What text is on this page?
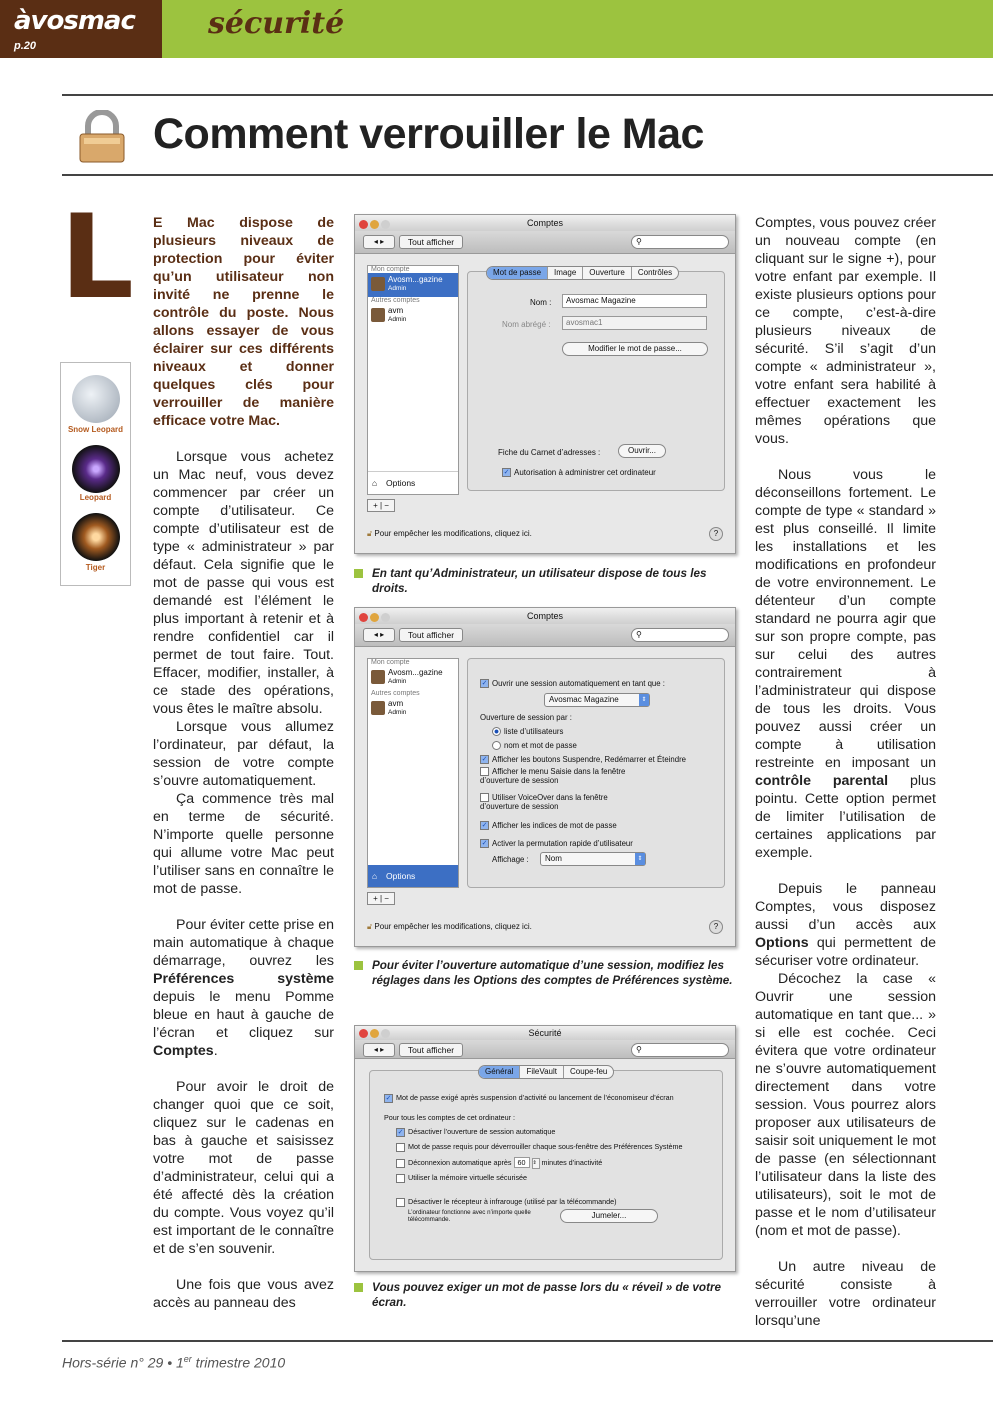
àvosmac
p.20
sécurité
Comment verrouiller le Mac
L
Snow Leopard
Leopard
Tiger

E Mac dispose de plusieurs niveaux de protection pour éviter qu’un utilisateur non invité ne prenne le contrôle du poste. Nous allons essayer de vous éclairer sur ces différents niveaux et donner quelques clés pour verrouiller de manière efficace votre Mac.

Lorsque vous achetez un Mac neuf, vous devez commencer par créer un compte d’utilisateur. Ce compte d’utilisateur est de type « administrateur » par défaut. Cela signifie que le mot de passe qui vous est demandé est l’élément le plus important à retenir et à rendre confidentiel car il permet de tout faire. Tout. Effacer, modifier, installer, à ce stade des opérations, vous êtes le maître absolu.

Lorsque vous allumez l’ordinateur, par défaut, la session de votre compte s’ouvre automatiquement.

Ça commence très mal en terme de sécurité. N’importe quelle personne qui allume votre Mac peut l’utiliser sans en connaître le mot de passe.

Pour éviter cette prise en main automatique à chaque démarrage, ouvrez les Préférences système depuis le menu Pomme bleue en haut à gauche de l’écran et cliquez sur Comptes.

Pour avoir le droit de changer quoi que ce soit, cliquez sur le cadenas en bas à gauche et saisissez votre mot de passe d’administrateur, celui qui a été affecté dès la création du compte. Vous voyez qu’il est important de le connaître et de s’en souvenir.

Une fois que vous avez accès au panneau des

Comptes
◂ ▸	Tout afficher	⚲
Mon compte
Avosm...gazine
Admin
Autres comptes
avm
Admin
⌂ Options
+ | −
Mot de passe	Image	Ouverture	Contrôles
Nom :	Avosmac Magazine
Nom abrégé :	avosmac1
Modifier le mot de passe...
Fiche du Carnet d’adresses :	Ouvrir...
✓ Autorisation à administrer cet ordinateur
🔓︎ Pour empêcher les modifications, cliquez ici.	?
En tant qu’Administrateur, un utilisateur dispose de tous les droits.
Comptes
◂ ▸	Tout afficher	⚲
Mon compte
Avosm...gazine
Admin
Autres comptes
avm
Admin
⌂ Options
+ | −
✓ Ouvrir une session automatiquement en tant que :
Avosmac Magazine	⇕
Ouverture de session par :
liste d’utilisateurs
nom et mot de passe
✓ Afficher les boutons Suspendre, Redémarrer et Éteindre
Afficher le menu Saisie dans la fenêtre d’ouverture de session
Utiliser VoiceOver dans la fenêtre d’ouverture de session
✓ Afficher les indices de mot de passe
✓ Activer la permutation rapide d’utilisateur
Affichage :	Nom	⇕
🔓︎ Pour empêcher les modifications, cliquez ici.	?
Pour éviter l’ouverture automatique d’une session, modifiez les réglages dans les Options des comptes de Préférences système.
Sécurité
◂ ▸	Tout afficher	⚲
Général	FileVault	Coupe-feu
✓ Mot de passe exigé après suspension d’activité ou lancement de l’économiseur d’écran
Pour tous les comptes de cet ordinateur :
✓ Désactiver l’ouverture de session automatique
Mot de passe requis pour déverrouiller chaque sous-fenêtre des Préférences Système
Déconnexion automatique après 60 ⇕ minutes d’inactivité
Utiliser la mémoire virtuelle sécurisée
Désactiver le récepteur à infrarouge (utilisé par la télécommande)
L’ordinateur fonctionne avec n’importe quelle télécommande.	Jumeler...
Vous pouvez exiger un mot de passe lors du « réveil » de votre écran.

Comptes, vous pouvez créer un nouveau compte (en cliquant sur le signe +), pour votre enfant par exemple. Il existe plusieurs options pour ce compte, c’est-à-dire plusieurs niveaux de sécurité. S’il s’agit d’un compte « administrateur », votre enfant sera habilité à effectuer exactement les mêmes opérations que vous.

Nous vous le déconseillons fortement. Le compte de type « standard » est plus conseillé. Il limite les installations et les modifications en profondeur de votre environnement. Le détenteur d’un compte standard ne pourra agir que sur son propre compte, pas sur celui des autres contrairement à l’administrateur qui dispose de tous les droits. Vous pouvez aussi créer un compte à utilisation restreinte en imposant un contrôle parental plus pointu. Cette option permet de limiter l’utilisation de certaines applications par exemple.

Depuis le panneau Comptes, vous disposez aussi d’un accès aux Options qui permettent de sécuriser votre ordinateur.

Décochez la case « Ouvrir une session automatique en tant que... » si elle est cochée. Ceci évitera que votre ordinateur ne s’ouvre automatiquement directement dans votre session. Vous pourrez alors proposer aux utilisateurs de saisir soit uniquement le mot de passe (en sélectionnant l’utilisateur dans la liste des utilisateurs), soit le mot de passe et le nom d’utilisateur (nom et mot de passe).

Un autre niveau de sécurité consiste à verrouiller votre ordinateur lorsqu’une

Hors-série n° 29 • 1er trimestre 2010
